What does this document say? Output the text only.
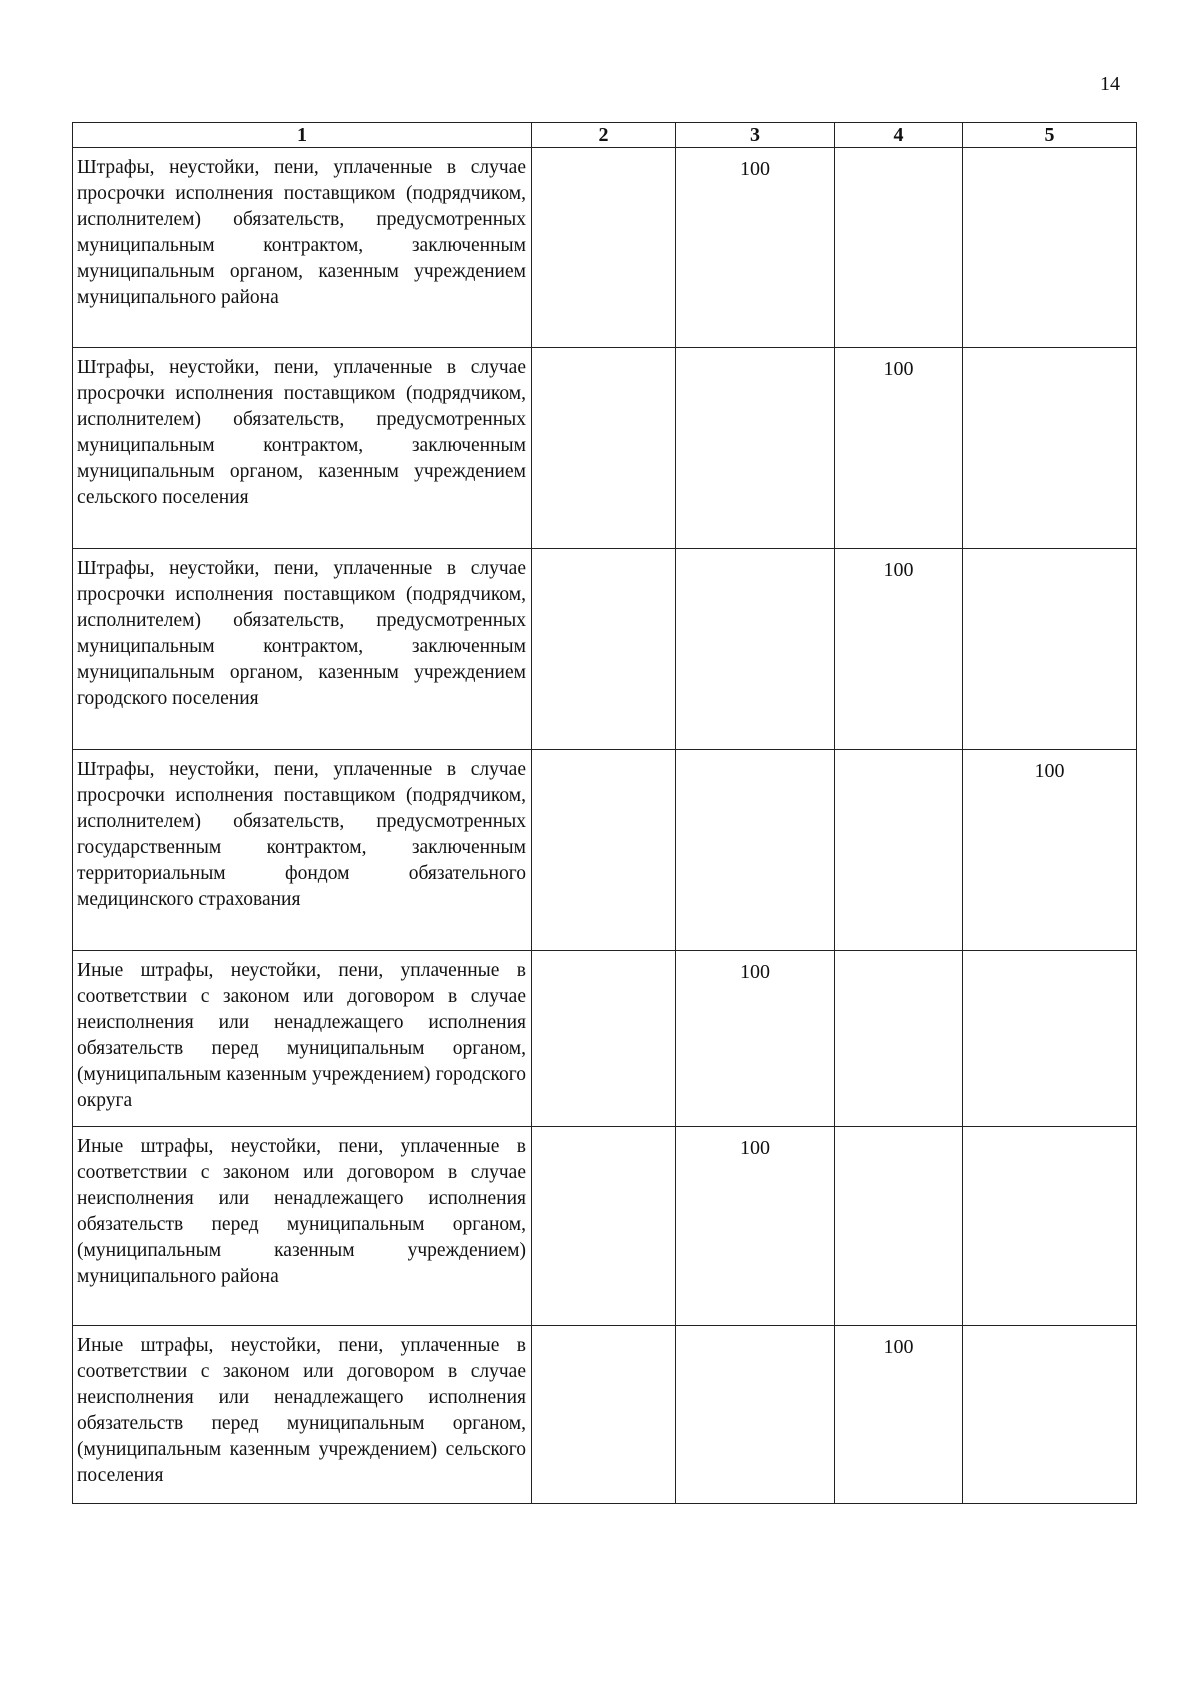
14
1	2	3	4	5
Штрафы, неустойки, пени, уплаченные в случае просрочки исполнения поставщиком (подрядчиком, исполнителем) обязательств, предусмотренных муниципальным контрактом, заключенным муниципальным органом, казенным учреждением муниципального района		100		
Штрафы, неустойки, пени, уплаченные в случае просрочки исполнения поставщиком (подрядчиком, исполнителем) обязательств, предусмотренных муниципальным контрактом, заключенным муниципальным органом, казенным учреждением сельского поселения			100	
Штрафы, неустойки, пени, уплаченные в случае просрочки исполнения поставщиком (подрядчиком, исполнителем) обязательств, предусмотренных муниципальным контрактом, заключенным муниципальным органом, казенным учреждением городского поселения			100	
Штрафы, неустойки, пени, уплаченные в случае просрочки исполнения поставщиком (подрядчиком, исполнителем) обязательств, предусмотренных государственным контрактом, заключенным территориальным фондом обязательного медицинского страхования				100
Иные штрафы, неустойки, пени, уплаченные в соответствии с законом или договором в случае неисполнения или ненадлежащего исполнения обязательств перед муниципальным органом, (муниципальным казенным учреждением) городского округа		100		
Иные штрафы, неустойки, пени, уплаченные в соответствии с законом или договором в случае неисполнения или ненадлежащего исполнения обязательств перед муниципальным органом, (муниципальным казенным учреждением) муниципального района		100		
Иные штрафы, неустойки, пени, уплаченные в соответствии с законом или договором в случае неисполнения или ненадлежащего исполнения обязательств перед муниципальным органом, (муниципальным казенным учреждением) сельского поселения			100	
